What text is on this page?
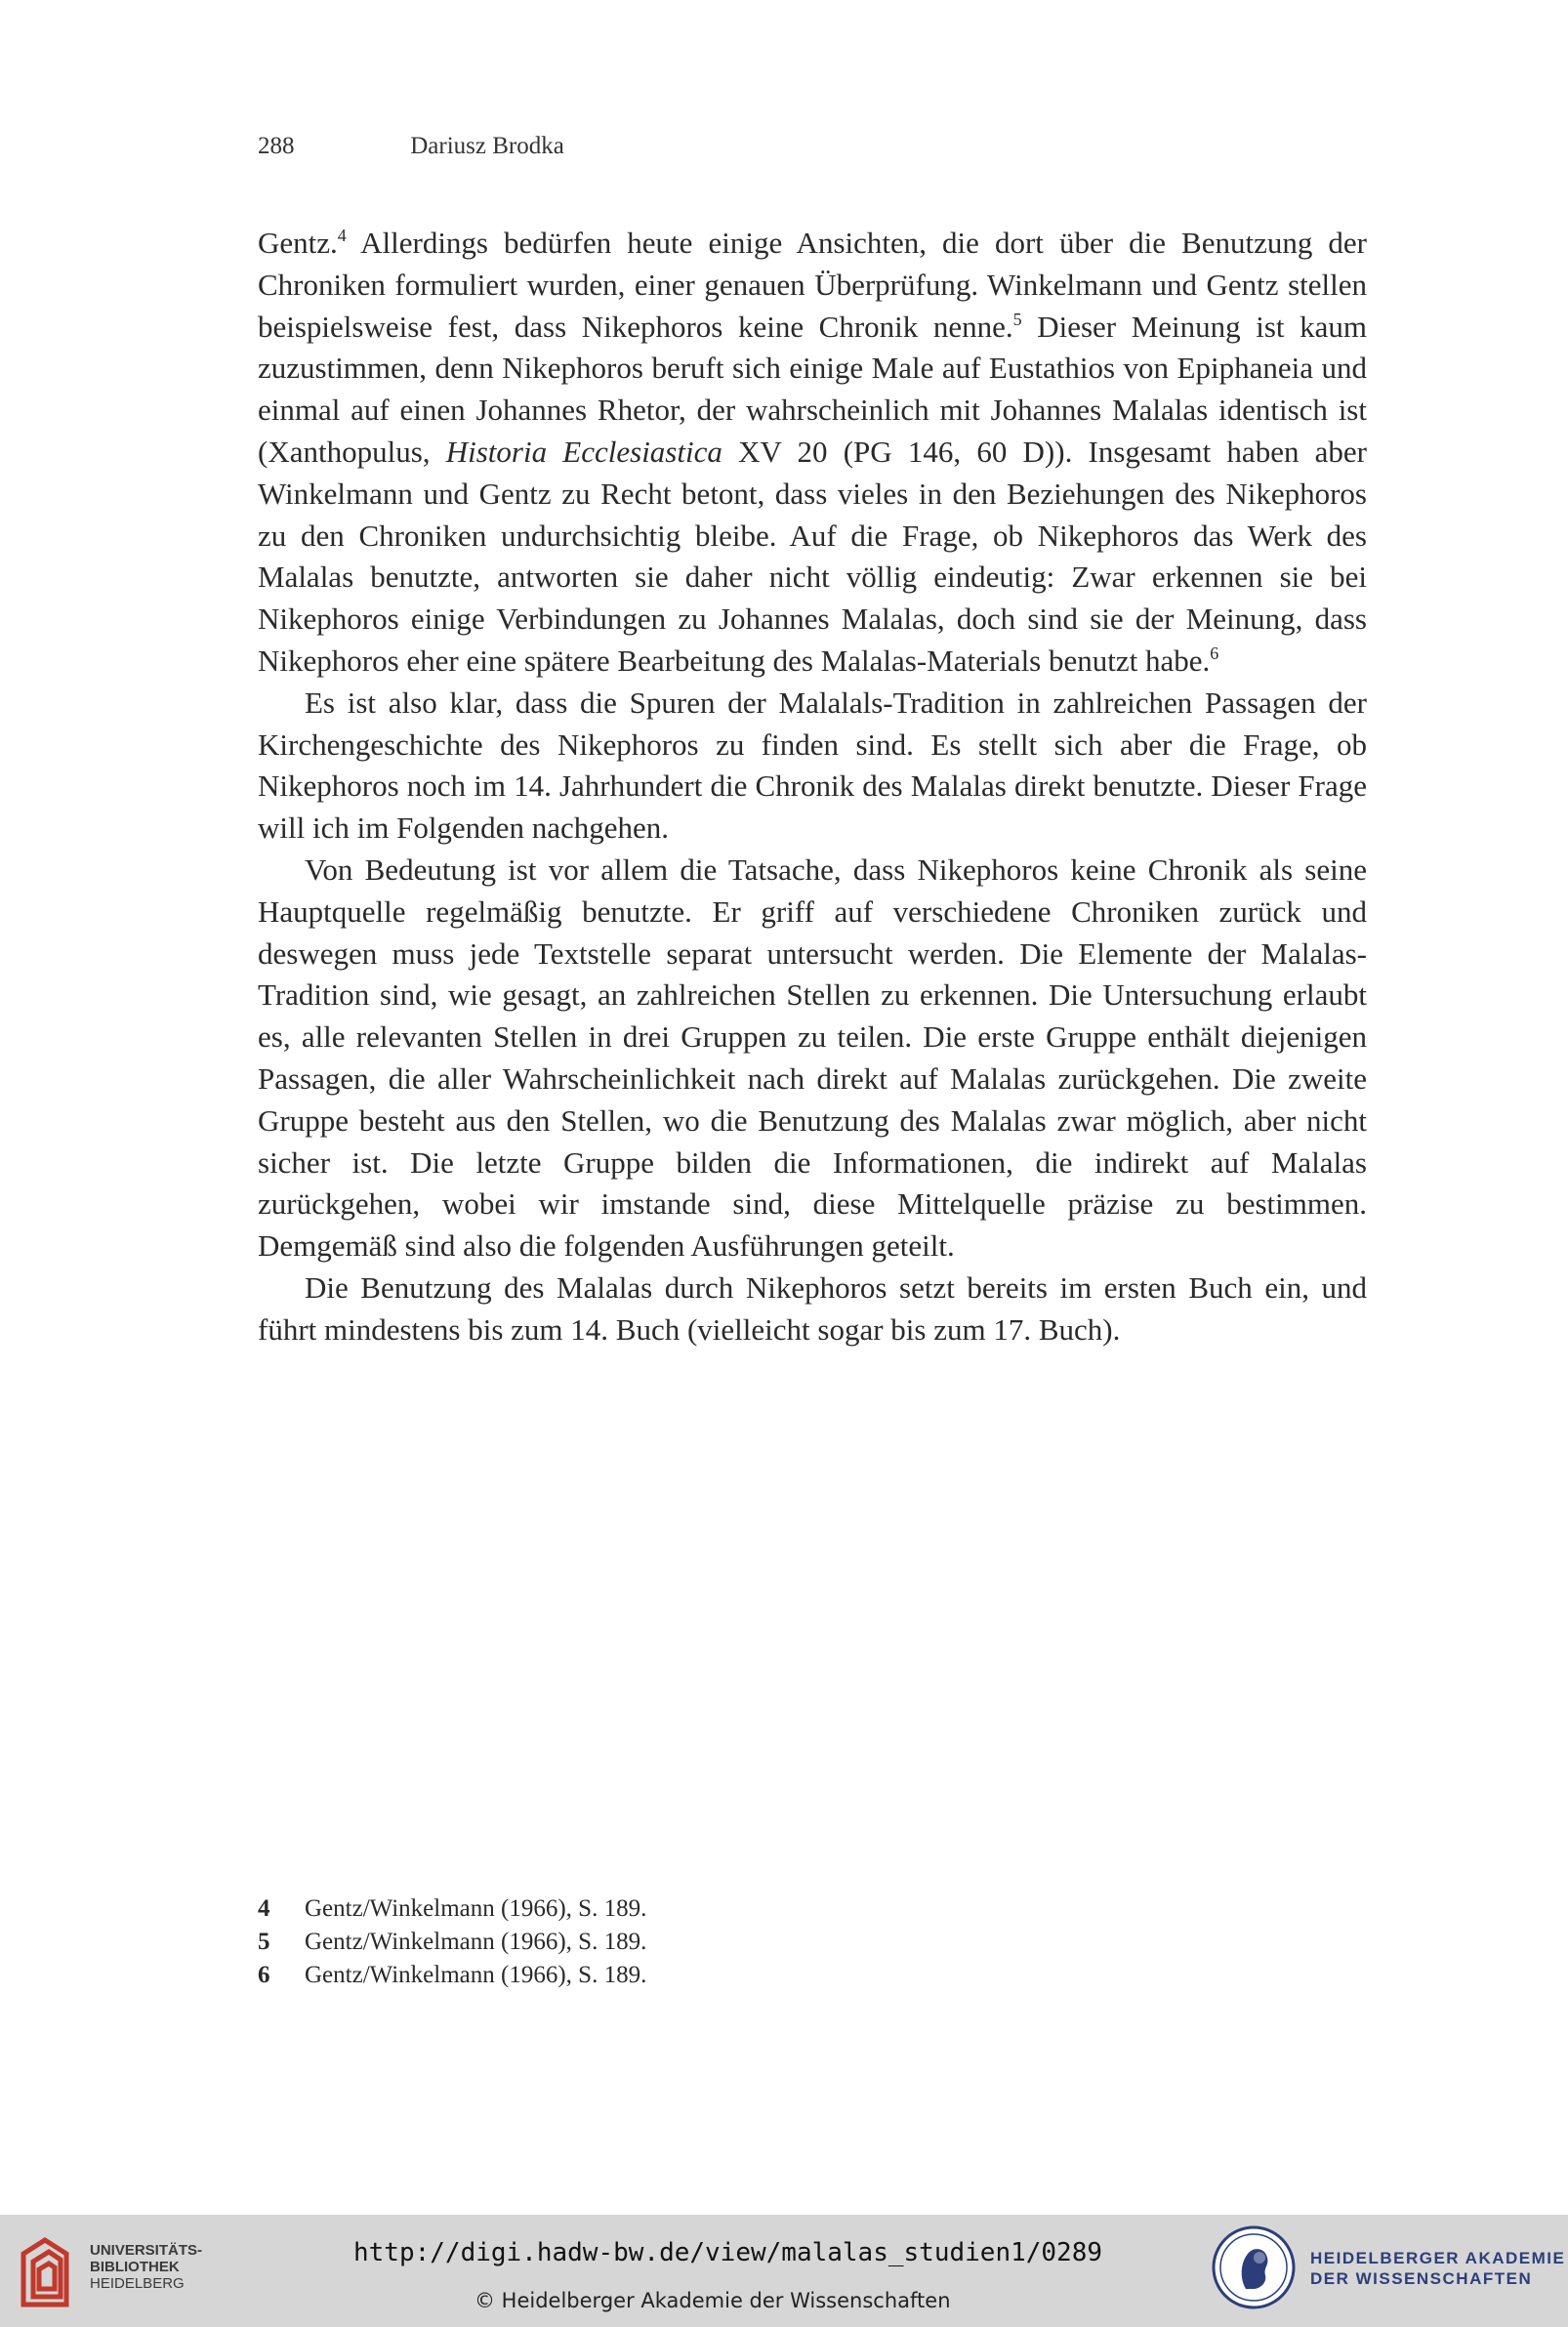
288	Dariusz Brodka

Gentz.$^4$ Allerdings bedürfen heute einige Ansichten, die dort über die Benutzung der Chroniken formuliert wurden, einer genauen Überprüfung. Winkelmann und Gentz stellen beispielsweise fest, dass Nikephoros keine Chronik nenne.$^5$ Dieser Meinung ist kaum zuzustimmen, denn Nikephoros beruft sich einige Male auf Eustathios von Epiphaneia und einmal auf einen Johannes Rhetor, der wahrscheinlich mit Johannes Malalas identisch ist (Xanthopulus, Historia Ecclesiastica XV 20 (PG 146, 60 D)). Insgesamt haben aber Winkelmann und Gentz zu Recht betont, dass vieles in den Beziehungen des Nikephoros zu den Chroniken undurchsichtig bleibe. Auf die Frage, ob Nikephoros das Werk des Malalas benutzte, antworten sie daher nicht völlig eindeutig: Zwar erkennen sie bei Nikephoros einige Verbindungen zu Johannes Malalas, doch sind sie der Meinung, dass Nikephoros eher eine spätere Bearbeitung des Malalas-Materials benutzt habe.$^6$

Es ist also klar, dass die Spuren der Malalals-Tradition in zahlreichen Passagen der Kirchengeschichte des Nikephoros zu finden sind. Es stellt sich aber die Frage, ob Nikephoros noch im 14. Jahrhundert die Chronik des Malalas direkt benutzte. Dieser Frage will ich im Folgenden nachgehen.

Von Bedeutung ist vor allem die Tatsache, dass Nikephoros keine Chronik als seine Hauptquelle regelmäßig benutzte. Er griff auf verschiedene Chroniken zurück und deswegen muss jede Textstelle separat untersucht werden. Die Elemente der Malalas-Tradition sind, wie gesagt, an zahlreichen Stellen zu erkennen. Die Untersuchung erlaubt es, alle relevanten Stellen in drei Gruppen zu teilen. Die erste Gruppe enthält diejenigen Passagen, die aller Wahrscheinlichkeit nach direkt auf Malalas zurückgehen. Die zweite Gruppe besteht aus den Stellen, wo die Benutzung des Malalas zwar möglich, aber nicht sicher ist. Die letzte Gruppe bilden die Informationen, die indirekt auf Malalas zurückgehen, wobei wir imstande sind, diese Mittelquelle präzise zu bestimmen. Demgemäß sind also die folgenden Ausführungen geteilt.

Die Benutzung des Malalas durch Nikephoros setzt bereits im ersten Buch ein, und führt mindestens bis zum 14. Buch (vielleicht sogar bis zum 17. Buch).

4	Gentz/Winkelmann (1966), S. 189.
5	Gentz/Winkelmann (1966), S. 189.
6	Gentz/Winkelmann (1966), S. 189.
UNIVERSITÄTS-
BIBLIOTHEK
HEIDELBERG
http://digi.hadw-bw.de/view/malalas_studien1/0289
© Heidelberger Akademie der Wissenschaften
HEIDELBERGER AKADEMIE
DER WISSENSCHAFTEN
